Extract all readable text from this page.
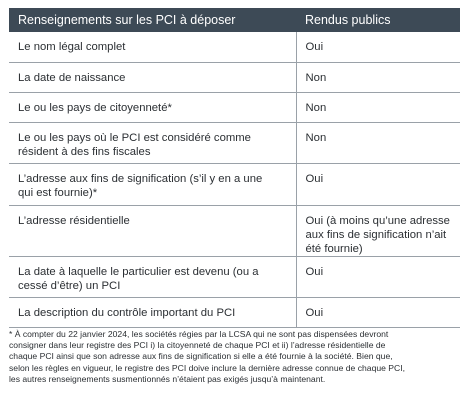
Renseignements sur les PCI à déposer	Rendus publics
Le nom légal complet	Oui
La date de naissance	Non
Le ou les pays de citoyenneté*	Non
Le ou les pays où le PCI est considéré comme
résident à des fins fiscales	Non
L’adresse aux fins de signification (s’il y en a une
qui est fournie)*	Oui
L’adresse résidentielle	Oui (à moins qu’une adresse
aux fins de signification n’ait
été fournie)
La date à laquelle le particulier est devenu (ou a
cessé d’être) un PCI	Oui
La description du contrôle important du PCI	Oui
* À compter du 22 janvier 2024, les sociétés régies par la LCSA qui ne sont pas dispensées devront
consigner dans leur registre des PCI i) la citoyenneté de chaque PCI et ii) l’adresse résidentielle de
chaque PCI ainsi que son adresse aux fins de signification si elle a été fournie à la société. Bien que,
selon les règles en vigueur, le registre des PCI doive inclure la dernière adresse connue de chaque PCI,
les autres renseignements susmentionnés n’étaient pas exigés jusqu’à maintenant.
